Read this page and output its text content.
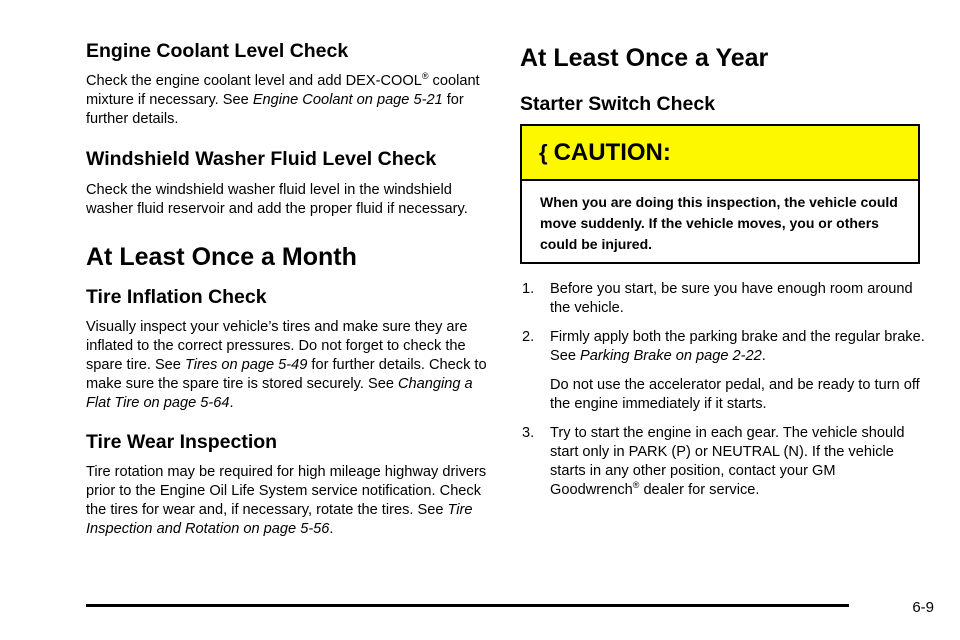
Engine Coolant Level Check

Check the engine coolant level and add DEX-COOL® coolant mixture if necessary. See Engine Coolant on page 5-21 for further details.

Windshield Washer Fluid Level Check

Check the windshield washer fluid level in the windshield washer fluid reservoir and add the proper fluid if necessary.

At Least Once a Month
Tire Inflation Check

Visually inspect your vehicle’s tires and make sure they are inflated to the correct pressures. Do not forget to check the spare tire. See Tires on page 5-49 for further details. Check to make sure the spare tire is stored securely. See Changing a Flat Tire on page 5-64.

Tire Wear Inspection

Tire rotation may be required for high mileage highway drivers prior to the Engine Oil Life System service notification. Check the tires for wear and, if necessary, rotate the tires. See Tire Inspection and Rotation on page 5-56.

At Least Once a Year
Starter Switch Check
{ CAUTION:
When you are doing this inspection, the vehicle could move suddenly. If the vehicle moves, you or others could be injured.
1.	Before you start, be sure you have enough room around the vehicle.
2.	Firmly apply both the parking brake and the regular brake. See Parking Brake on page 2-22.
Do not use the accelerator pedal, and be ready to turn off the engine immediately if it starts.
3.	Try to start the engine in each gear. The vehicle should start only in PARK (P) or NEUTRAL (N). If the vehicle starts in any other position, contact your GM Goodwrench® dealer for service.
6-9
